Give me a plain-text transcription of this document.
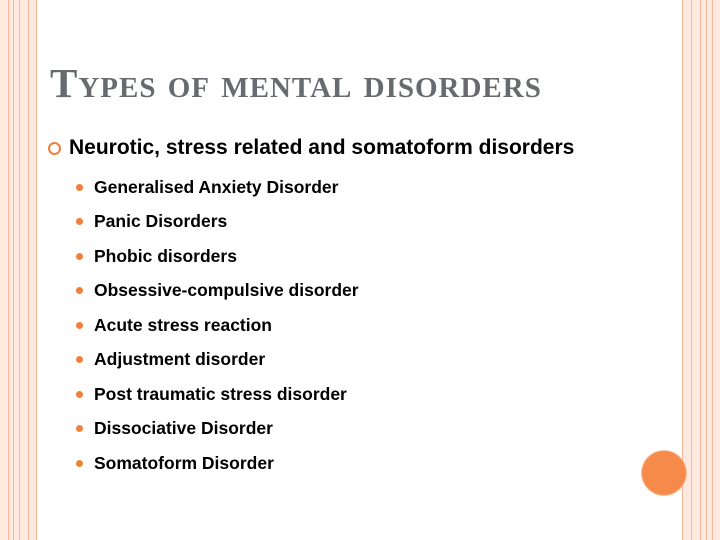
Types of mental disorders
Neurotic, stress related and somatoform disorders
Generalised Anxiety Disorder
Panic Disorders
Phobic disorders
Obsessive-compulsive disorder
Acute stress reaction
Adjustment disorder
Post traumatic stress disorder
Dissociative Disorder
Somatoform Disorder
